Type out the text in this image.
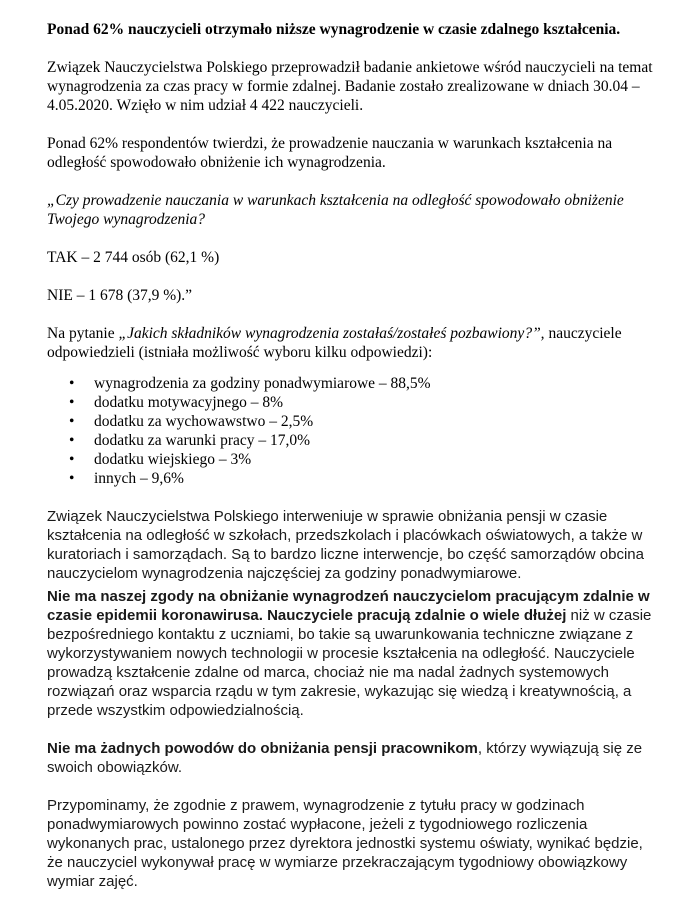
Ponad 62% nauczycieli otrzymało niższe wynagrodzenie w czasie zdalnego kształcenia.

Związek Nauczycielstwa Polskiego przeprowadził badanie ankietowe wśród nauczycieli na temat wynagrodzenia za czas pracy w formie zdalnej. Badanie zostało zrealizowane w dniach 30.04 – 4.05.2020. Wzięło w nim udział 4 422 nauczycieli.

Ponad 62% respondentów twierdzi, że prowadzenie nauczania w warunkach kształcenia na odległość spowodowało obniżenie ich wynagrodzenia.

„Czy prowadzenie nauczania w warunkach kształcenia na odległość spowodowało obniżenie Twojego wynagrodzenia?

TAK – 2 744 osób (62,1 %)

NIE – 1 678 (37,9 %).”

Na pytanie „Jakich składników wynagrodzenia zostałaś/zostałeś pozbawiony?”, nauczyciele odpowiedzieli (istniała możliwość wyboru kilku odpowiedzi):

• wynagrodzenia za godziny ponadwymiarowe – 88,5%
• dodatku motywacyjnego – 8%
• dodatku za wychowawstwo – 2,5%
• dodatku za warunki pracy – 17,0%
• dodatku wiejskiego – 3%
• innych – 9,6%

Związek Nauczycielstwa Polskiego interweniuje w sprawie obniżania pensji w czasie kształcenia na odległość w szkołach, przedszkolach i placówkach oświatowych, a także w kuratoriach i samorządach. Są to bardzo liczne interwencje, bo część samorządów obcina nauczycielom wynagrodzenia najczęściej za godziny ponadwymiarowe.

Nie ma naszej zgody na obniżanie wynagrodzeń nauczycielom pracującym zdalnie w czasie epidemii koronawirusa. Nauczyciele pracują zdalnie o wiele dłużej niż w czasie bezpośredniego kontaktu z uczniami, bo takie są uwarunkowania techniczne związane z wykorzystywaniem nowych technologii w procesie kształcenia na odległość. Nauczyciele prowadzą kształcenie zdalne od marca, chociaż nie ma nadal żadnych systemowych rozwiązań oraz wsparcia rządu w tym zakresie, wykazując się wiedzą i kreatywnością, a przede wszystkim odpowiedzialnością.

Nie ma żadnych powodów do obniżania pensji pracownikom, którzy wywiązują się ze swoich obowiązków.

Przypominamy, że zgodnie z prawem, wynagrodzenie z tytułu pracy w godzinach ponadwymiarowych powinno zostać wypłacone, jeżeli z tygodniowego rozliczenia wykonanych prac, ustalonego przez dyrektora jednostki systemu oświaty, wynikać będzie, że nauczyciel wykonywał pracę w wymiarze przekraczającym tygodniowy obowiązkowy wymiar zajęć.
